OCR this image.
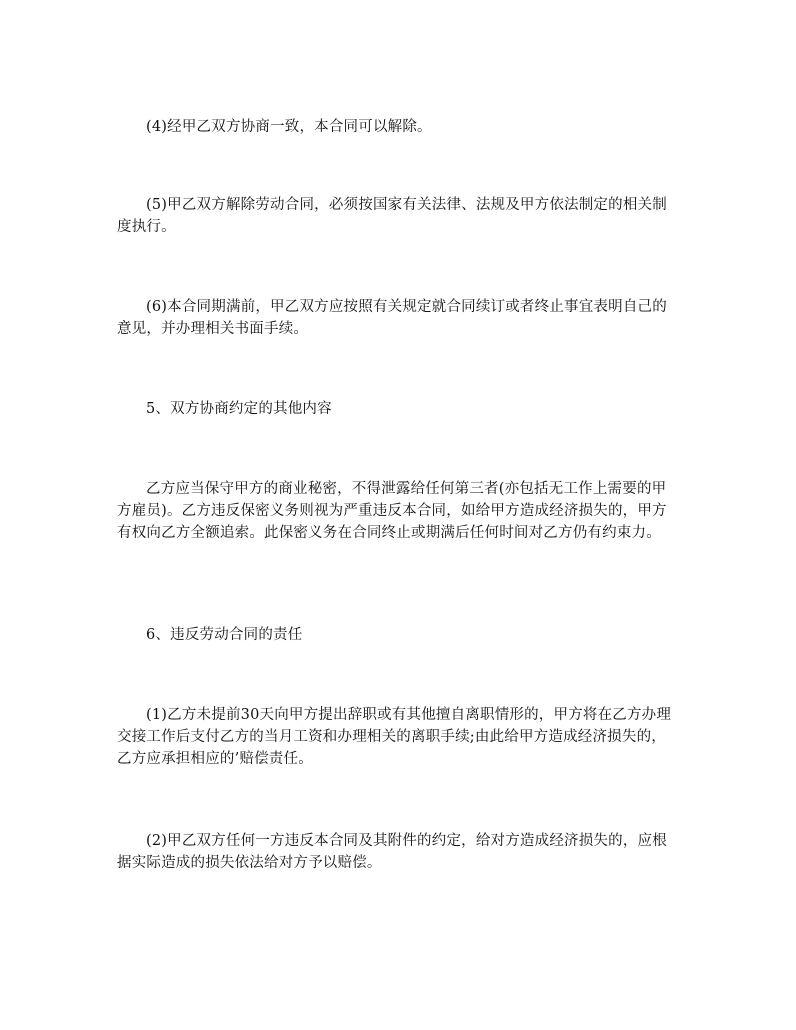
(4)经甲乙双方协商一致，本合同可以解除。

(5)甲乙双方解除劳动合同，必须按国家有关法律、法规及甲方依法制定的相关制度执行。

(6)本合同期满前，甲乙双方应按照有关规定就合同续订或者终止事宜表明自己的意见，并办理相关书面手续。

5、双方协商约定的其他内容

乙方应当保守甲方的商业秘密，不得泄露给任何第三者(亦包括无工作上需要的甲方雇员)。乙方违反保密义务则视为严重违反本合同，如给甲方造成经济损失的，甲方有权向乙方全额追索。此保密义务在合同终止或期满后任何时间对乙方仍有约束力。

6、违反劳动合同的责任

(1)乙方未提前30天向甲方提出辞职或有其他擅自离职情形的，甲方将在乙方办理交接工作后支付乙方的当月工资和办理相关的离职手续;由此给甲方造成经济损失的，乙方应承担相应的’赔偿责任。

(2)甲乙双方任何一方违反本合同及其附件的约定，给对方造成经济损失的，应根据实际造成的损失依法给对方予以赔偿。
